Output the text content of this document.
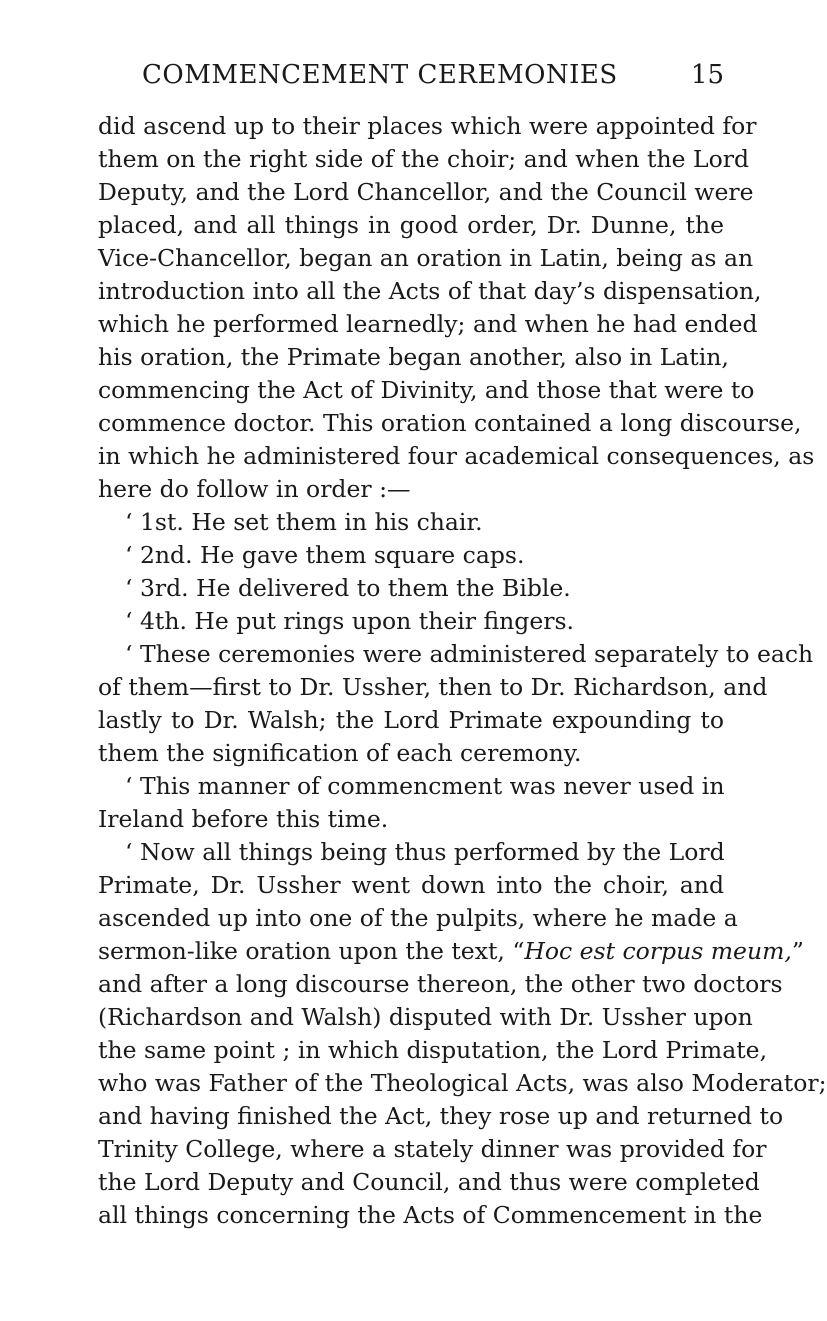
COMMENCEMENT CEREMONIES	15
did ascend up to their places which were appointed for
them on the right side of the choir; and when the Lord
Deputy, and the Lord Chancellor, and the Council were
placed, and all things in good order, Dr. Dunne, the
Vice-Chancellor, began an oration in Latin, being as an
introduction into all the Acts of that day’s dispensation,
which he performed learnedly; and when he had ended
his oration, the Primate began another, also in Latin,
commencing the Act of Divinity, and those that were to
commence doctor. This oration contained a long discourse,
in which he administered four academical consequences, as
here do follow in order :—
‘ 1st. He set them in his chair.
‘ 2nd. He gave them square caps.
‘ 3rd. He delivered to them the Bible.
‘ 4th. He put rings upon their fingers.
‘ These ceremonies were administered separately to each
of them—first to Dr. Ussher, then to Dr. Richardson, and
lastly to Dr. Walsh; the Lord Primate expounding to
them the signification of each ceremony.
‘ This manner of commencment was never used in
Ireland before this time.
‘ Now all things being thus performed by the Lord
Primate, Dr. Ussher went down into the choir, and
ascended up into one of the pulpits, where he made a
sermon-like oration upon the text, “Hoc est corpus meum,”
and after a long discourse thereon, the other two doctors
(Richardson and Walsh) disputed with Dr. Ussher upon
the same point ; in which disputation, the Lord Primate,
who was Father of the Theological Acts, was also Moderator;
and having finished the Act, they rose up and returned to
Trinity College, where a stately dinner was provided for
the Lord Deputy and Council, and thus were completed
all things concerning the Acts of Commencement in the
